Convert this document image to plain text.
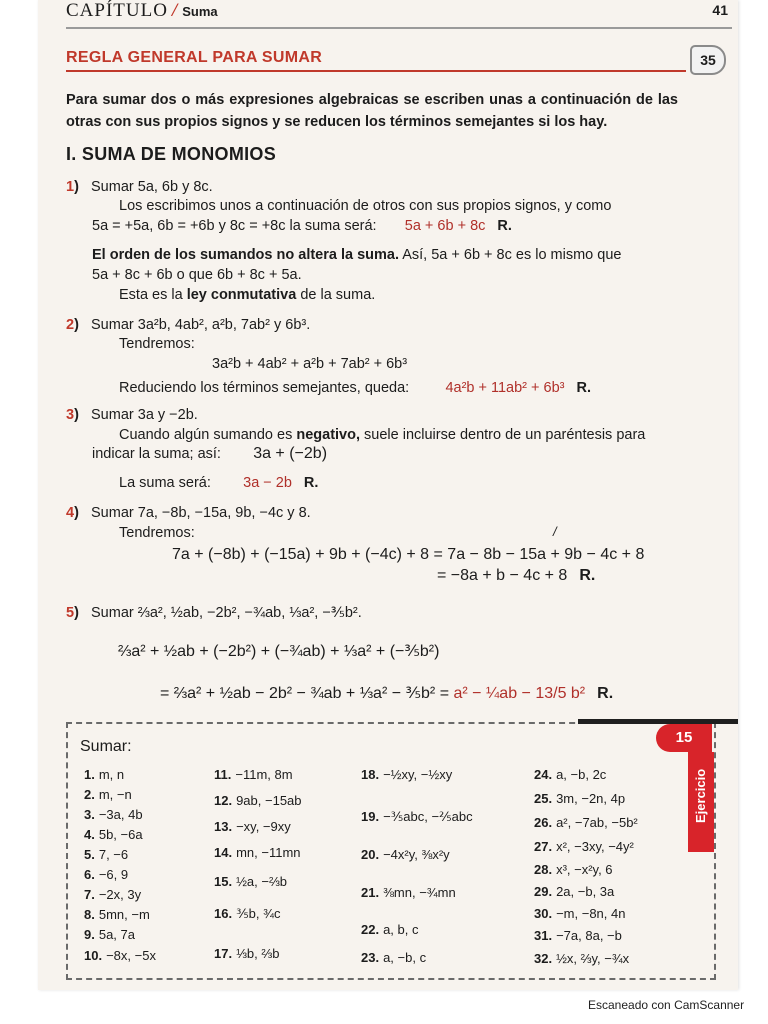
CAPÍTULO / Suma	41
REGLA GENERAL PARA SUMAR	35
Para sumar dos o más expresiones algebraicas se escriben unas a continuación de las otras con sus propios signos y se reducen los términos semejantes si los hay.
I. SUMA DE MONOMIOS
1) Sumar 5a, 6b y 8c.
Los escribimos unos a continuación de otros con sus propios signos, y como
5a = +5a, 6b = +6b y 8c = +8c la suma será: 5a + 6b + 8c R.
El orden de los sumandos no altera la suma. Así, 5a + 6b + 8c es lo mismo que
5a + 8c + 6b o que 6b + 8c + 5a.
Esta es la ley conmutativa de la suma.
2) Sumar 3a²b, 4ab², a²b, 7ab² y 6b³.
Tendremos:
3a²b + 4ab² + a²b + 7ab² + 6b³
Reduciendo los términos semejantes, queda:	4a²b + 11ab² + 6b³ R.
3) Sumar 3a y −2b.
Cuando algún sumando es negativo, suele incluirse dentro de un paréntesis para
indicar la suma; así: 3a + (−2b)
La suma será: 3a − 2b R.
4) Sumar 7a, −8b, −15a, 9b, −4c y 8.
Tendremos:	/
7a + (−8b) + (−15a) + 9b + (−4c) + 8 = 7a − 8b − 15a + 9b − 4c + 8
= −8a + b − 4c + 8 R.
5) Sumar ⅔a², ½ab, −2b², −¾ab, ⅓a², −⅗b².
⅔a² + ½ab + (−2b²) + (−¾ab) + ⅓a² + (−⅗b²)
= ⅔a² + ½ab − 2b² − ¾ab + ⅓a² − ⅗b² = a² − ¼ab − 13/5 b² R.
15
Ejercicio
Sumar:
1. m, n
2. m, −n
3. −3a, 4b
4. 5b, −6a
5. 7, −6
6. −6, 9
7. −2x, 3y
8. 5mn, −m
9. 5a, 7a
10. −8x, −5x
11. −11m, 8m
12. 9ab, −15ab
13. −xy, −9xy
14. mn, −11mn
15. ½a, −⅔b
16. ⅗b, ¾c
17. ⅓b, ⅔b
18. −½xy, −½xy
19. −⅗abc, −⅖abc
20. −4x²y, ⅜x²y
21. ⅜mn, −¾mn
22. a, b, c
23. a, −b, c
24. a, −b, 2c
25. 3m, −2n, 4p
26. a², −7ab, −5b²
27. x², −3xy, −4y²
28. x³, −x²y, 6
29. 2a, −b, 3a
30. −m, −8n, 4n
31. −7a, 8a, −b
32. ½x, ⅔y, −¾x
Escaneado con CamScanner
